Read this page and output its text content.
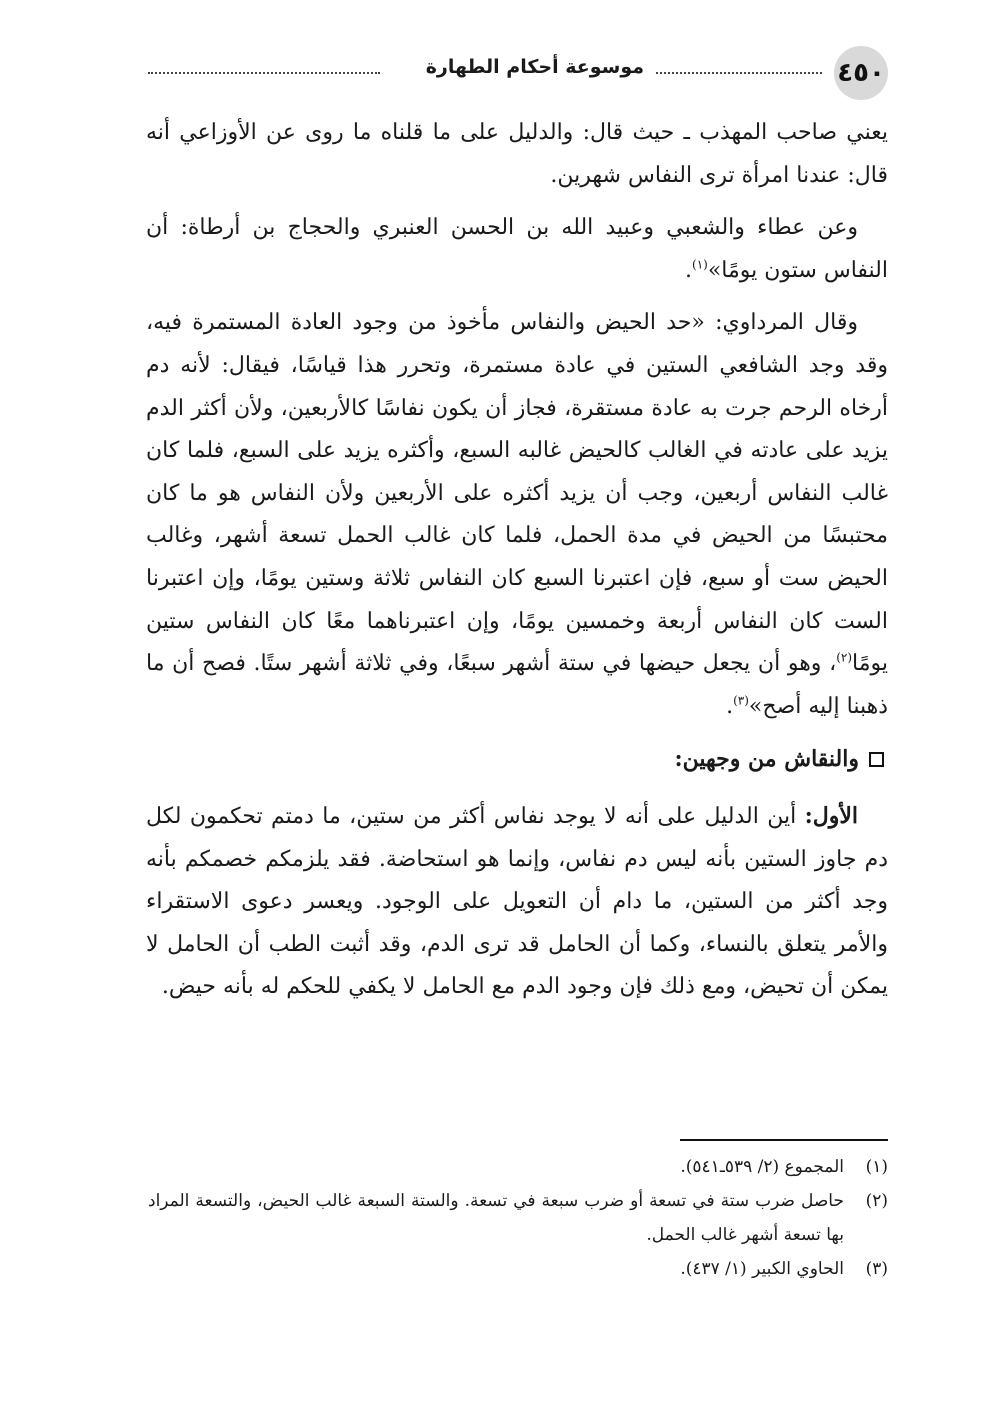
٤٥٠
موسوعة أحكام الطهارة

يعني صاحب المهذب ـ حيث قال: والدليل على ما قلناه ما روى عن الأوزاعي أنه قال: عندنا امرأة ترى النفاس شهرين.

وعن عطاء والشعبي وعبيد الله بن الحسن العنبري والحجاج بن أرطاة: أن النفاس ستون يومًا»$^{(١)}$.

وقال المرداوي: «حد الحيض والنفاس مأخوذ من وجود العادة المستمرة فيه، وقد وجد الشافعي الستين في عادة مستمرة، وتحرر هذا قياسًا، فيقال: لأنه دم أرخاه الرحم جرت به عادة مستقرة، فجاز أن يكون نفاسًا كالأربعين، ولأن أكثر الدم يزيد على عادته في الغالب كالحيض غالبه السبع، وأكثره يزيد على السبع، فلما كان غالب النفاس أربعين، وجب أن يزيد أكثره على الأربعين ولأن النفاس هو ما كان محتبسًا من الحيض في مدة الحمل، فلما كان غالب الحمل تسعة أشهر، وغالب الحيض ست أو سبع، فإن اعتبرنا السبع كان النفاس ثلاثة وستين يومًا، وإن اعتبرنا الست كان النفاس أربعة وخمسين يومًا، وإن اعتبرناهما معًا كان النفاس ستين يومًا$^{(٢)}$، وهو أن يجعل حيضها في ستة أشهر سبعًا، وفي ثلاثة أشهر ستًا. فصح أن ما ذهبنا إليه أصح»$^{(٣)}$.

والنقاش من وجهين:

الأول: أين الدليل على أنه لا يوجد نفاس أكثر من ستين، ما دمتم تحكمون لكل دم جاوز الستين بأنه ليس دم نفاس، وإنما هو استحاضة. فقد يلزمكم خصمكم بأنه وجد أكثر من الستين، ما دام أن التعويل على الوجود. ويعسر دعوى الاستقراء والأمر يتعلق بالنساء، وكما أن الحامل قد ترى الدم، وقد أثبت الطب أن الحامل لا يمكن أن تحيض، ومع ذلك فإن وجود الدم مع الحامل لا يكفي للحكم له بأنه حيض.

(١)
المجموع (٢/ ٥٣٩ـ٥٤١).
(٢)
حاصل ضرب ستة في تسعة أو ضرب سبعة في تسعة. والستة السبعة غالب الحيض، والتسعة المراد بها تسعة أشهر غالب الحمل.
(٣)
الحاوي الكبير (١/ ٤٣٧).
